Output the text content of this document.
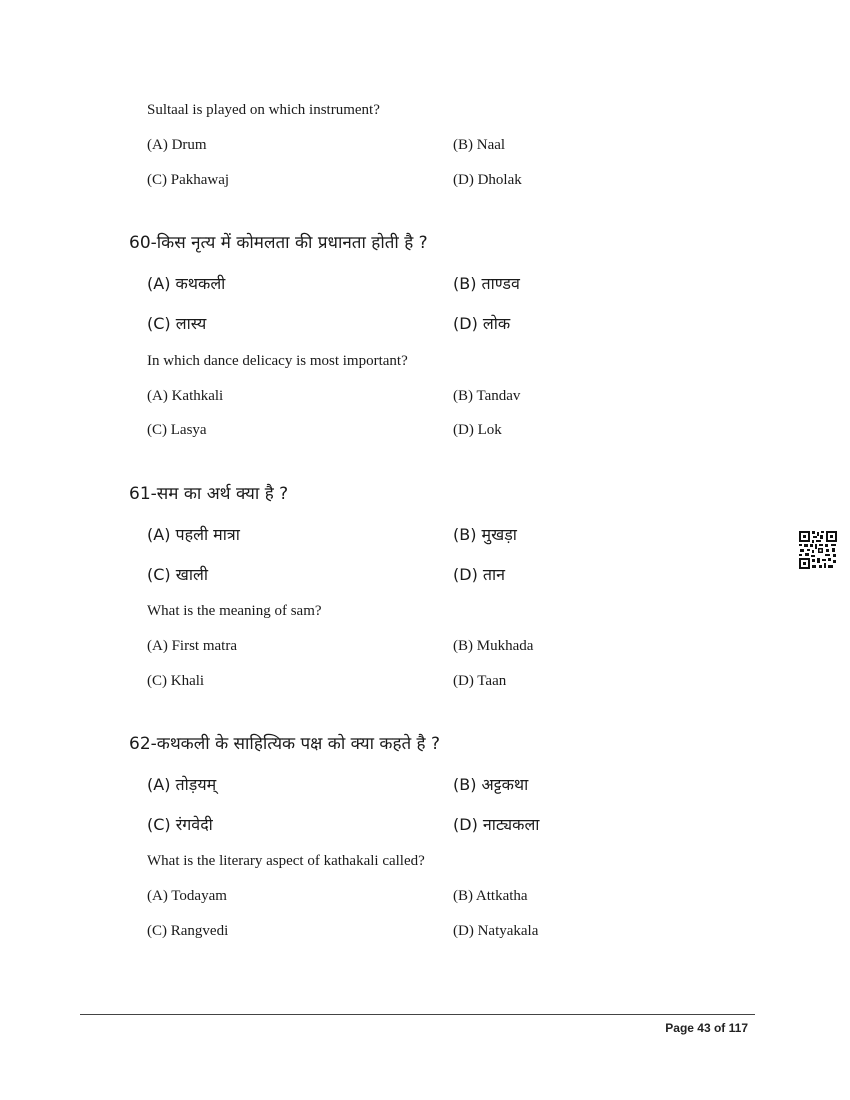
Sultaal is played on which instrument?
(A) Drum	(B) Naal
(C) Pakhawaj	(D) Dholak
60-किस नृत्य में कोमलता की प्रधानता होती है ?
(A) कथकली	(B) ताण्डव
(C) लास्य	(D) लोक
In which dance delicacy is most important?
(A) Kathkali	(B) Tandav
(C) Lasya	(D) Lok
61-सम का अर्थ क्या है ?
(A) पहली मात्रा	(B) मुखड़ा
(C) खाली	(D) तान
What is the meaning of sam?
(A) First matra	(B) Mukhada
(C) Khali	(D) Taan
62-कथकली के साहित्यिक पक्ष को क्या कहते है ?
(A) तोड़यम्	(B) अट्टकथा
(C) रंगवेदी	(D) नाट्यकला
What is the literary aspect of kathakali called?
(A) Todayam	(B) Attkatha
(C) Rangvedi	(D) Natyakala
Page 43 of 117
